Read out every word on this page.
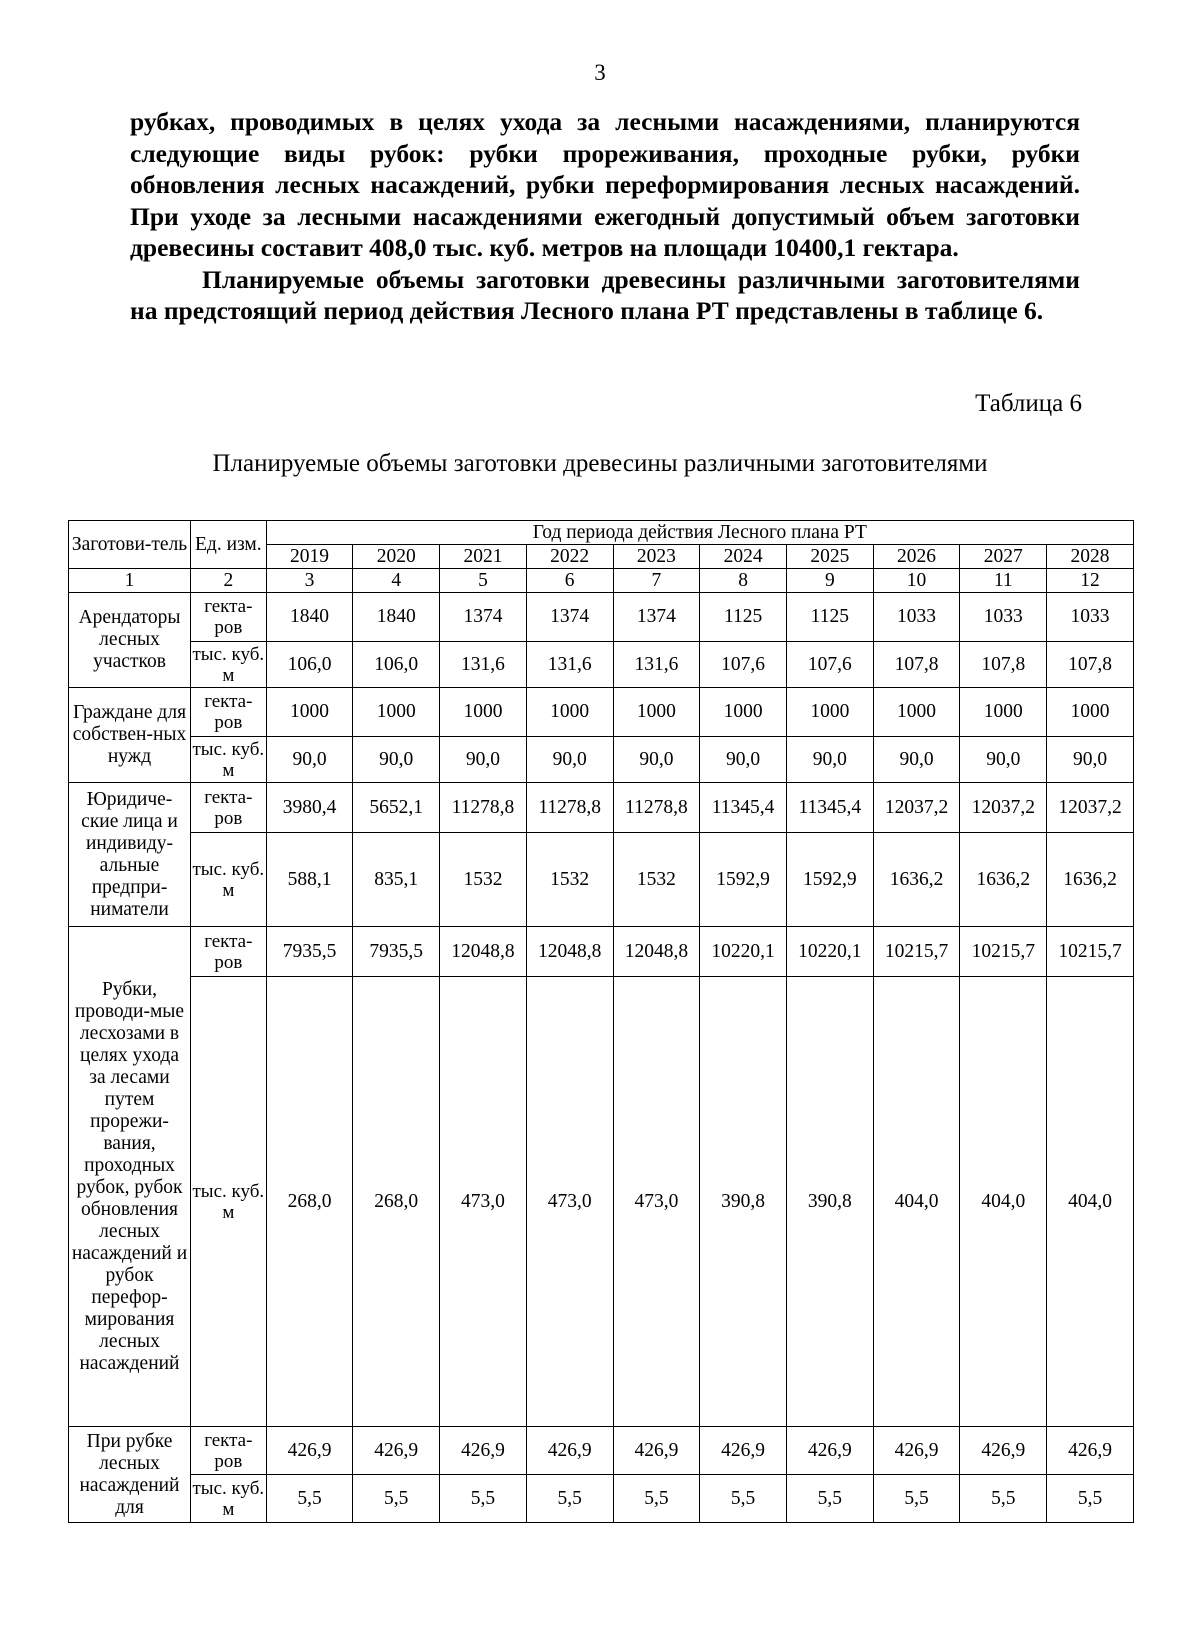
3

рубках, проводимых в целях ухода за лесными насаждениями, планируются следующие виды рубок: рубки прореживания, проходные рубки, рубки обновления лесных насаждений, рубки переформирования лесных насаждений. При уходе за лесными насаждениями ежегодный допустимый объем заготовки древесины составит 408,0 тыс. куб. метров на площади 10400,1 гектара.

Планируемые объемы заготовки древесины различными заготовителями на предстоящий период действия Лесного плана РТ представлены в таблице 6.

Таблица 6
Планируемые объемы заготовки древесины различными заготовителями
Заготови-тель	Ед. изм.	Год периода действия Лесного плана РТ									
		2019	2020	2021	2022	2023	2024	2025	2026	2027	2028
1	2	3	4	5	6	7	8	9	10	11	12
Арендаторы лесных участков	гекта-ров	1840	1840	1374	1374	1374	1125	1125	1033	1033	1033
	тыс. куб. м	106,0	106,0	131,6	131,6	131,6	107,6	107,6	107,8	107,8	107,8
Граждане для собствен-ных нужд	гекта-ров	1000	1000	1000	1000	1000	1000	1000	1000	1000	1000
	тыс. куб. м	90,0	90,0	90,0	90,0	90,0	90,0	90,0	90,0	90,0	90,0
Юридиче-ские лица и индивиду-альные предпри-ниматели	гекта-ров	3980,4	5652,1	11278,8	11278,8	11278,8	11345,4	11345,4	12037,2	12037,2	12037,2
	тыс. куб. м	588,1	835,1	1532	1532	1532	1592,9	1592,9	1636,2	1636,2	1636,2
Рубки, проводи-мые лесхозами в целях ухода за лесами путем прорежи-вания, проходных рубок, рубок обновления лесных насаждений и рубок перефор-мирования лесных насаждений	гекта-ров	7935,5	7935,5	12048,8	12048,8	12048,8	10220,1	10220,1	10215,7	10215,7	10215,7
	тыс. куб. м	268,0	268,0	473,0	473,0	473,0	390,8	390,8	404,0	404,0	404,0
При рубке лесных насаждений для	гекта-ров	426,9	426,9	426,9	426,9	426,9	426,9	426,9	426,9	426,9	426,9
	тыс. куб. м	5,5	5,5	5,5	5,5	5,5	5,5	5,5	5,5	5,5	5,5
